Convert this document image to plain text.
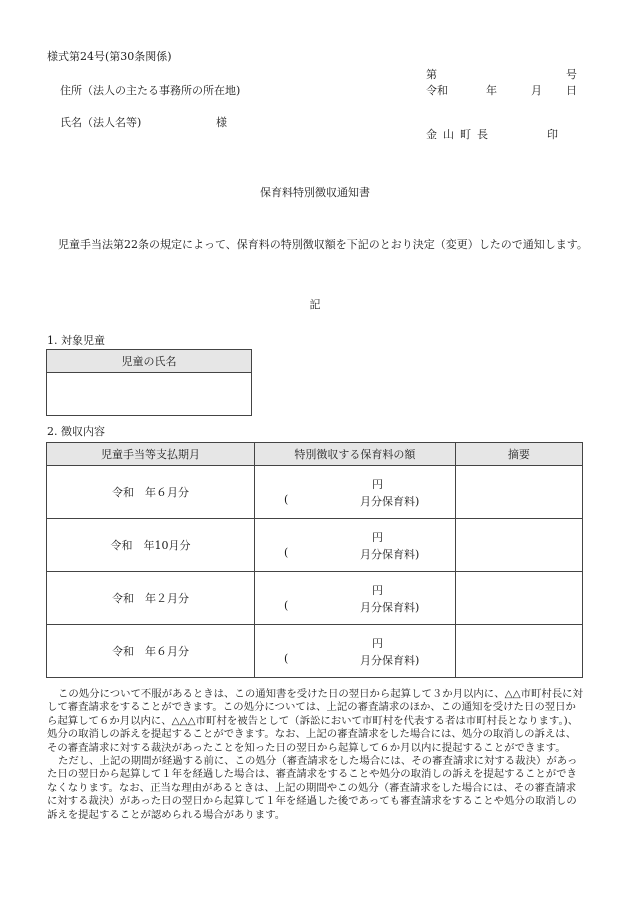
様式第24号(第30条関係)
第	号
住所（法人の主たる事務所の所在地)	令和	年	月 日
氏名（法人名等)	様
金山町長	印
保育料特別徴収通知書
児童手当法第22条の規定によって、保育料の特別徴収額を下記のとおり決定（変更）したので通知します。
記
1. 対象児童
児童の氏名

2. 徴収内容
児童手当等支払期月	特別徴収する保育料の額	摘要
令和　年６月分	円
( 月分保育料)	

令和　年10月分	円
( 月分保育料)	

令和　年２月分	円
( 月分保育料)	

令和　年６月分	円
( 月分保育料)	

この処分について不服があるときは、この通知書を受けた日の翌日から起算して３か月以内に、△△市町村長に対して審査請求をすることができます。この処分については、上記の審査請求のほか、この通知を受けた日の翌日から起算して６か月以内に、△△△市町村を被告として（訴訟において市町村を代表する者は市町村長となります。)、処分の取消しの訴えを提起することができます。なお、上記の審査請求をした場合には、処分の取消しの訴えは、その審査請求に対する裁決があったことを知った日の翌日から起算して６か月以内に提起することができます。

ただし、上記の期間が経過する前に、この処分（審査請求をした場合には、その審査請求に対する裁決）があった日の翌日から起算して１年を経過した場合は、審査請求をすることや処分の取消しの訴えを提起することができなくなります。なお、正当な理由があるときは、上記の期間やこの処分（審査請求をした場合には、その審査請求に対する裁決）があった日の翌日から起算して１年を経過した後であっても審査請求をすることや処分の取消しの訴えを提起することが認められる場合があります。
